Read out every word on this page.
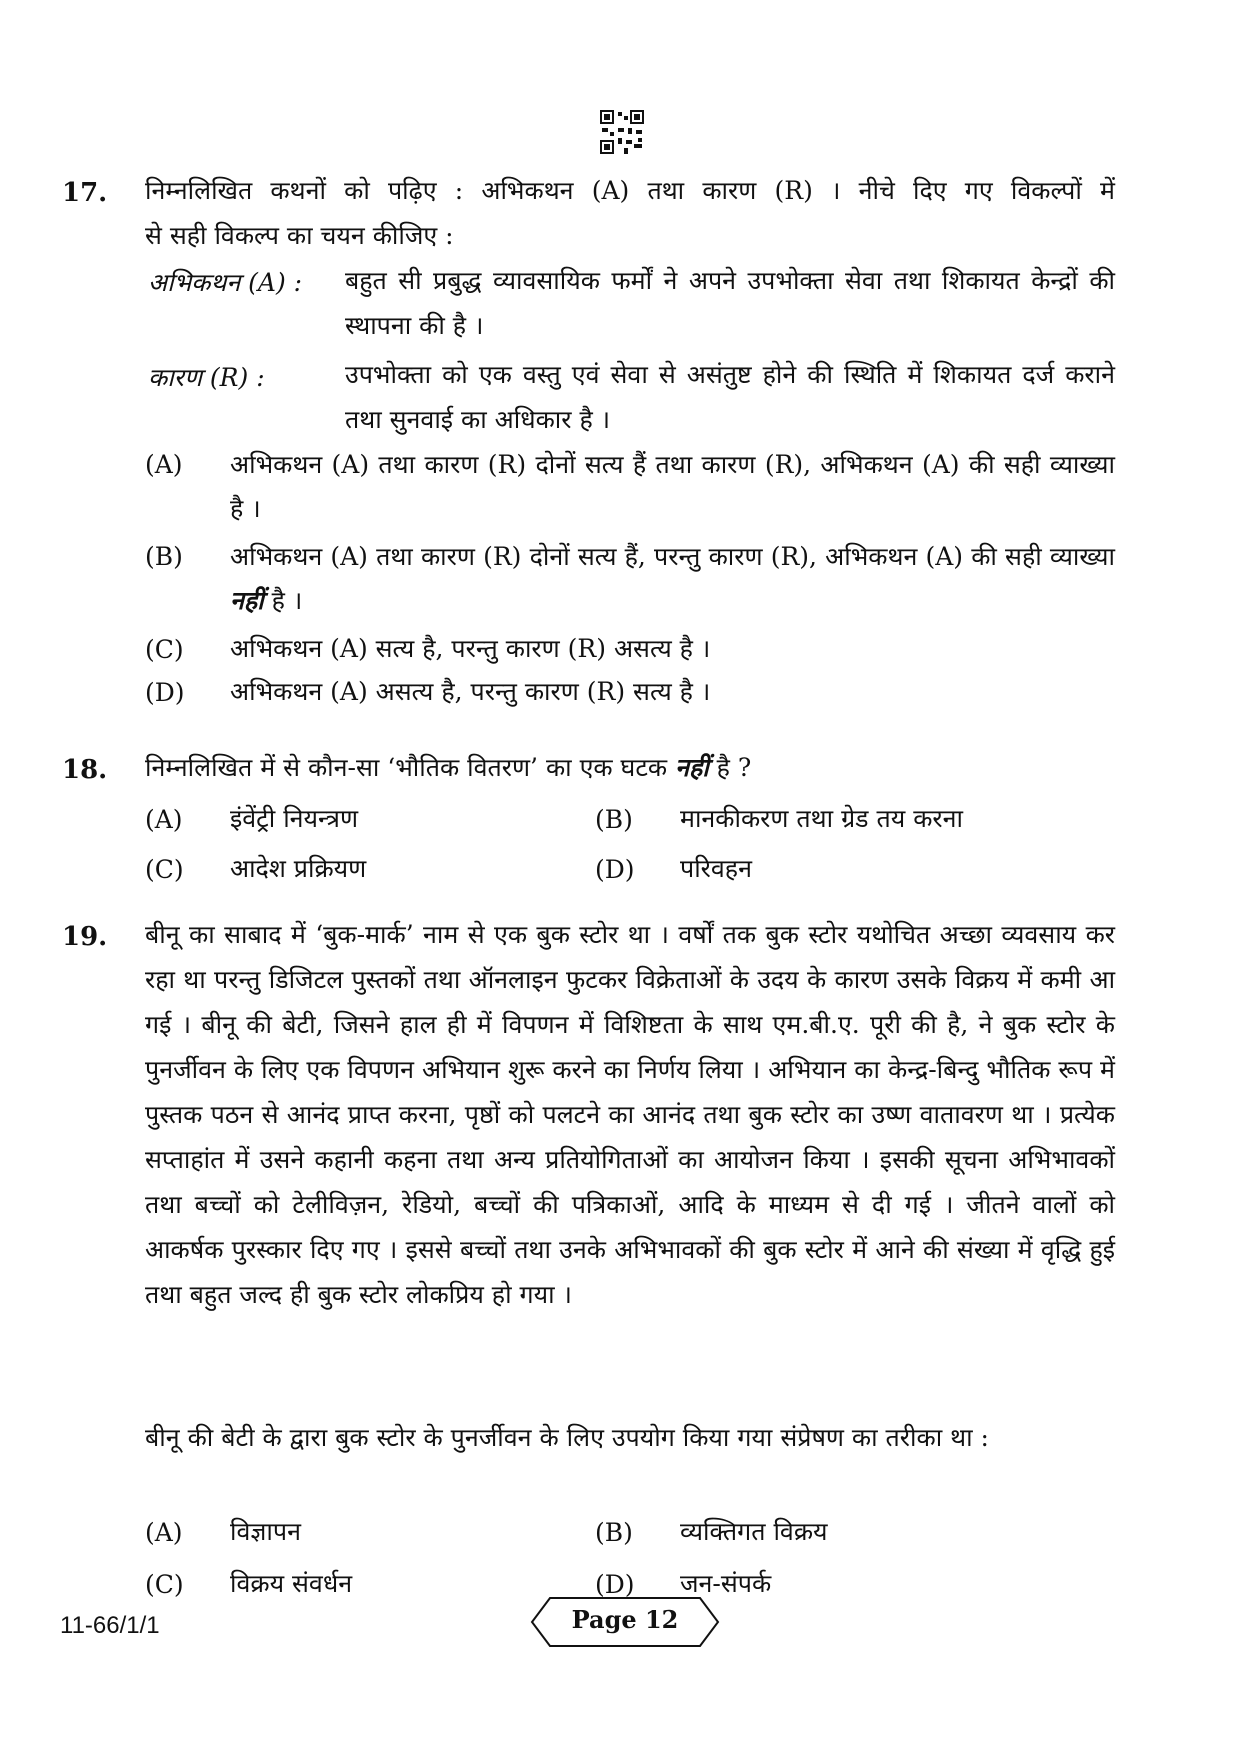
17. निम्नलिखित कथनों को पढ़िए : अभिकथन (A) तथा कारण (R) । नीचे दिए गए विकल्पों में
से सही विकल्प का चयन कीजिए :
अभिकथन (A) : बहुत सी प्रबुद्ध व्यावसायिक फर्मों ने अपने उपभोक्ता सेवा तथा शिकायत केन्द्रों की स्थापना की है ।
कारण (R) :	उपभोक्ता को एक वस्तु एवं सेवा से असंतुष्ट होने की स्थिति में शिकायत दर्ज कराने तथा सुनवाई का अधिकार है ।
(A) अभिकथन (A) तथा कारण (R) दोनों सत्य हैं तथा कारण (R), अभिकथन (A) की सही व्याख्या है ।
(B) अभिकथन (A) तथा कारण (R) दोनों सत्य हैं, परन्तु कारण (R), अभिकथन (A) की सही व्याख्या नहीं है ।
(C) अभिकथन (A) सत्य है, परन्तु कारण (R) असत्य है ।
(D) अभिकथन (A) असत्य है, परन्तु कारण (R) सत्य है ।
18. निम्नलिखित में से कौन-सा ‘भौतिक वितरण’ का एक घटक नहीं है ?
(A) इंवेंट्री नियन्त्रण	(B) मानकीकरण तथा ग्रेड तय करना
(C) आदेश प्रक्रियण	(D) परिवहन
19. बीनू का साबाद में ‘बुक-मार्क’ नाम से एक बुक स्टोर था । वर्षों तक बुक स्टोर यथोचित अच्छा व्यवसाय कर रहा था परन्तु डिजिटल पुस्तकों तथा ऑनलाइन फुटकर विक्रेताओं के उदय के कारण उसके विक्रय में कमी आ गई । बीनू की बेटी, जिसने हाल ही में विपणन में विशिष्टता के साथ एम.बी.ए. पूरी की है, ने बुक स्टोर के पुनर्जीवन के लिए एक विपणन अभियान शुरू करने का निर्णय लिया । अभियान का केन्द्र-बिन्दु भौतिक रूप में पुस्तक पठन से आनंद प्राप्त करना, पृष्ठों को पलटने का आनंद तथा बुक स्टोर का उष्ण वातावरण था । प्रत्येक सप्ताहांत में उसने कहानी कहना तथा अन्य प्रतियोगिताओं का आयोजन किया । इसकी सूचना अभिभावकों तथा बच्चों को टेलीविज़न, रेडियो, बच्चों की पत्रिकाओं, आदि के माध्यम से दी गई । जीतने वालों को आकर्षक पुरस्कार दिए गए । इससे बच्चों तथा उनके अभिभावकों की बुक स्टोर में आने की संख्या में वृद्धि हुई तथा बहुत जल्द ही बुक स्टोर लोकप्रिय हो गया ।
बीनू की बेटी के द्वारा बुक स्टोर के पुनर्जीवन के लिए उपयोग किया गया संप्रेषण का तरीका था :
(A) विज्ञापन	(B) व्यक्तिगत विक्रय
(C) विक्रय संवर्धन	(D) जन-संपर्क
11-66/1/1	Page 12
